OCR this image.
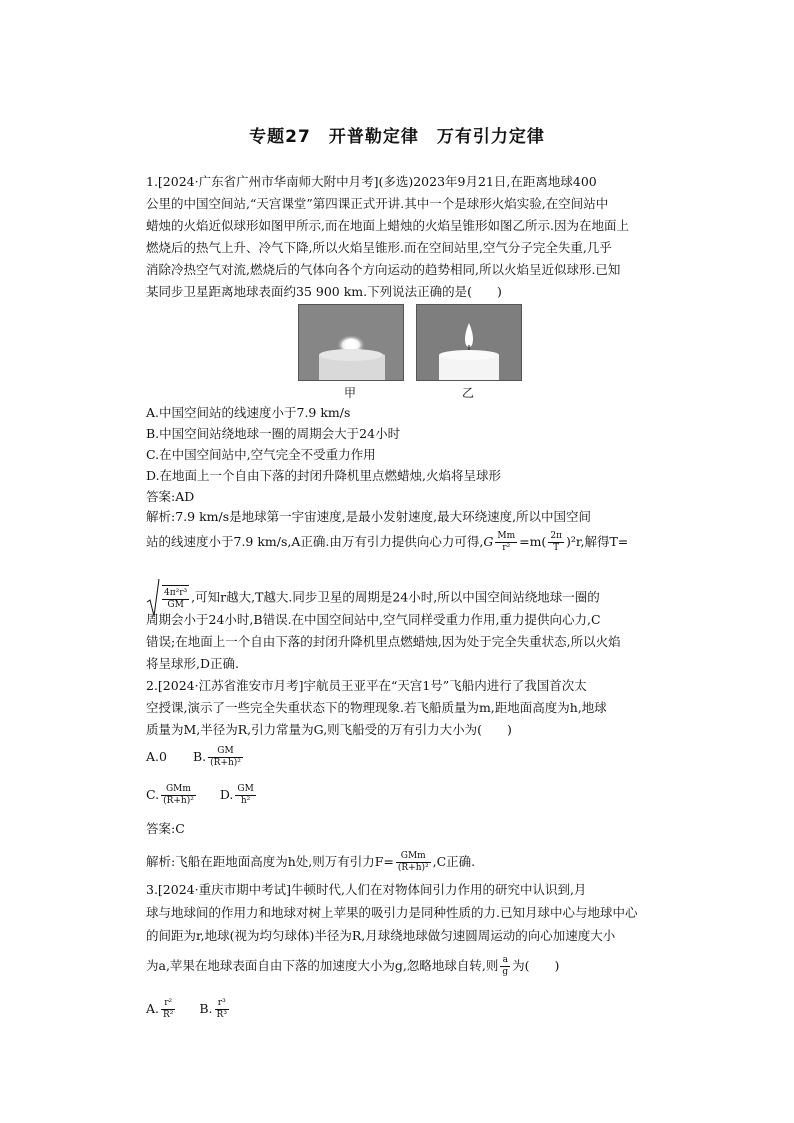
专题27　开普勒定律　万有引力定律
1.[2024·广东省广州市华南师大附中月考](多选)2023年9月21日,在距离地球400
公里的中国空间站,“天宫课堂”第四课正式开讲.其中一个是球形火焰实验,在空间站中
蜡烛的火焰近似球形如图甲所示,而在地面上蜡烛的火焰呈锥形如图乙所示.因为在地面上
燃烧后的热气上升、冷气下降,所以火焰呈锥形.而在空间站里,空气分子完全失重,几乎
消除冷热空气对流,燃烧后的气体向各个方向运动的趋势相同,所以火焰呈近似球形.已知
某同步卫星距离地球表面约35 900 km.下列说法正确的是(　　)
甲	乙
A.中国空间站的线速度小于7.9 km/s
B.中国空间站绕地球一圈的周期会大于24小时
C.在中国空间站中,空气完全不受重力作用
D.在地面上一个自由下落的封闭升降机里点燃蜡烛,火焰将呈球形
答案:AD
解析:7.9 km/s是地球第一宇宙速度,是最小发射速度,最大环绕速度,所以中国空间
站的线速度小于7.9 km/s,A正确.由万有引力提供向心力可得$,G \frac{Mm}{\text{r²}} =m( \frac{2\pi}{T} )^2r$,解得T=
$\frac{\text{4π²r³}}{GM}$ ,可知r越大,T越大.同步卫星的周期是24小时,所以中国空间站绕地球一圈的
周期会小于24小时,B错误.在中国空间站中,空气同样受重力作用,重力提供向心力,C
错误;在地面上一个自由下落的封闭升降机里点燃蜡烛,因为处于完全失重状态,所以火焰
将呈球形,D正确.
2.[2024·江苏省淮安市月考]宇航员王亚平在“天宫1号”飞船内进行了我国首次太
空授课,演示了一些完全失重状态下的物理现象.若飞船质量为m,距地面高度为h,地球
质量为M,半径为R,引力常量为G,则飞船受的万有引力大小为(　　)
A.0 B. $\frac{GM}{\text{(R+h)²}}$
C. $\frac{\text{GMm}}{\text{(R+h)²}} D$. $\frac{GM}{\text{h²}}$
答案:C
解析:飞船在距地面高度为h处,则万有引力$F= \frac{\text{GMm}}{\text{(R+h)²}} ,C$正确.
3.[2024·重庆市期中考试]牛顿时代,人们在对物体间引力作用的研究中认识到,月
球与地球间的作用力和地球对树上苹果的吸引力是同种性质的力.已知月球中心与地球中心
的间距为r,地球(视为均匀球体)半径为R,月球绕地球做匀速圆周运动的向心加速度大小
为a,苹果在地球表面自由下落的加速度大小为g,忽略地球自转,则 $\frac{a}{g}$ 为(　　)
A. $\frac{\text{r²}}{\text{R²}} B$. $\frac{\text{r³}}{\text{R³}}$
